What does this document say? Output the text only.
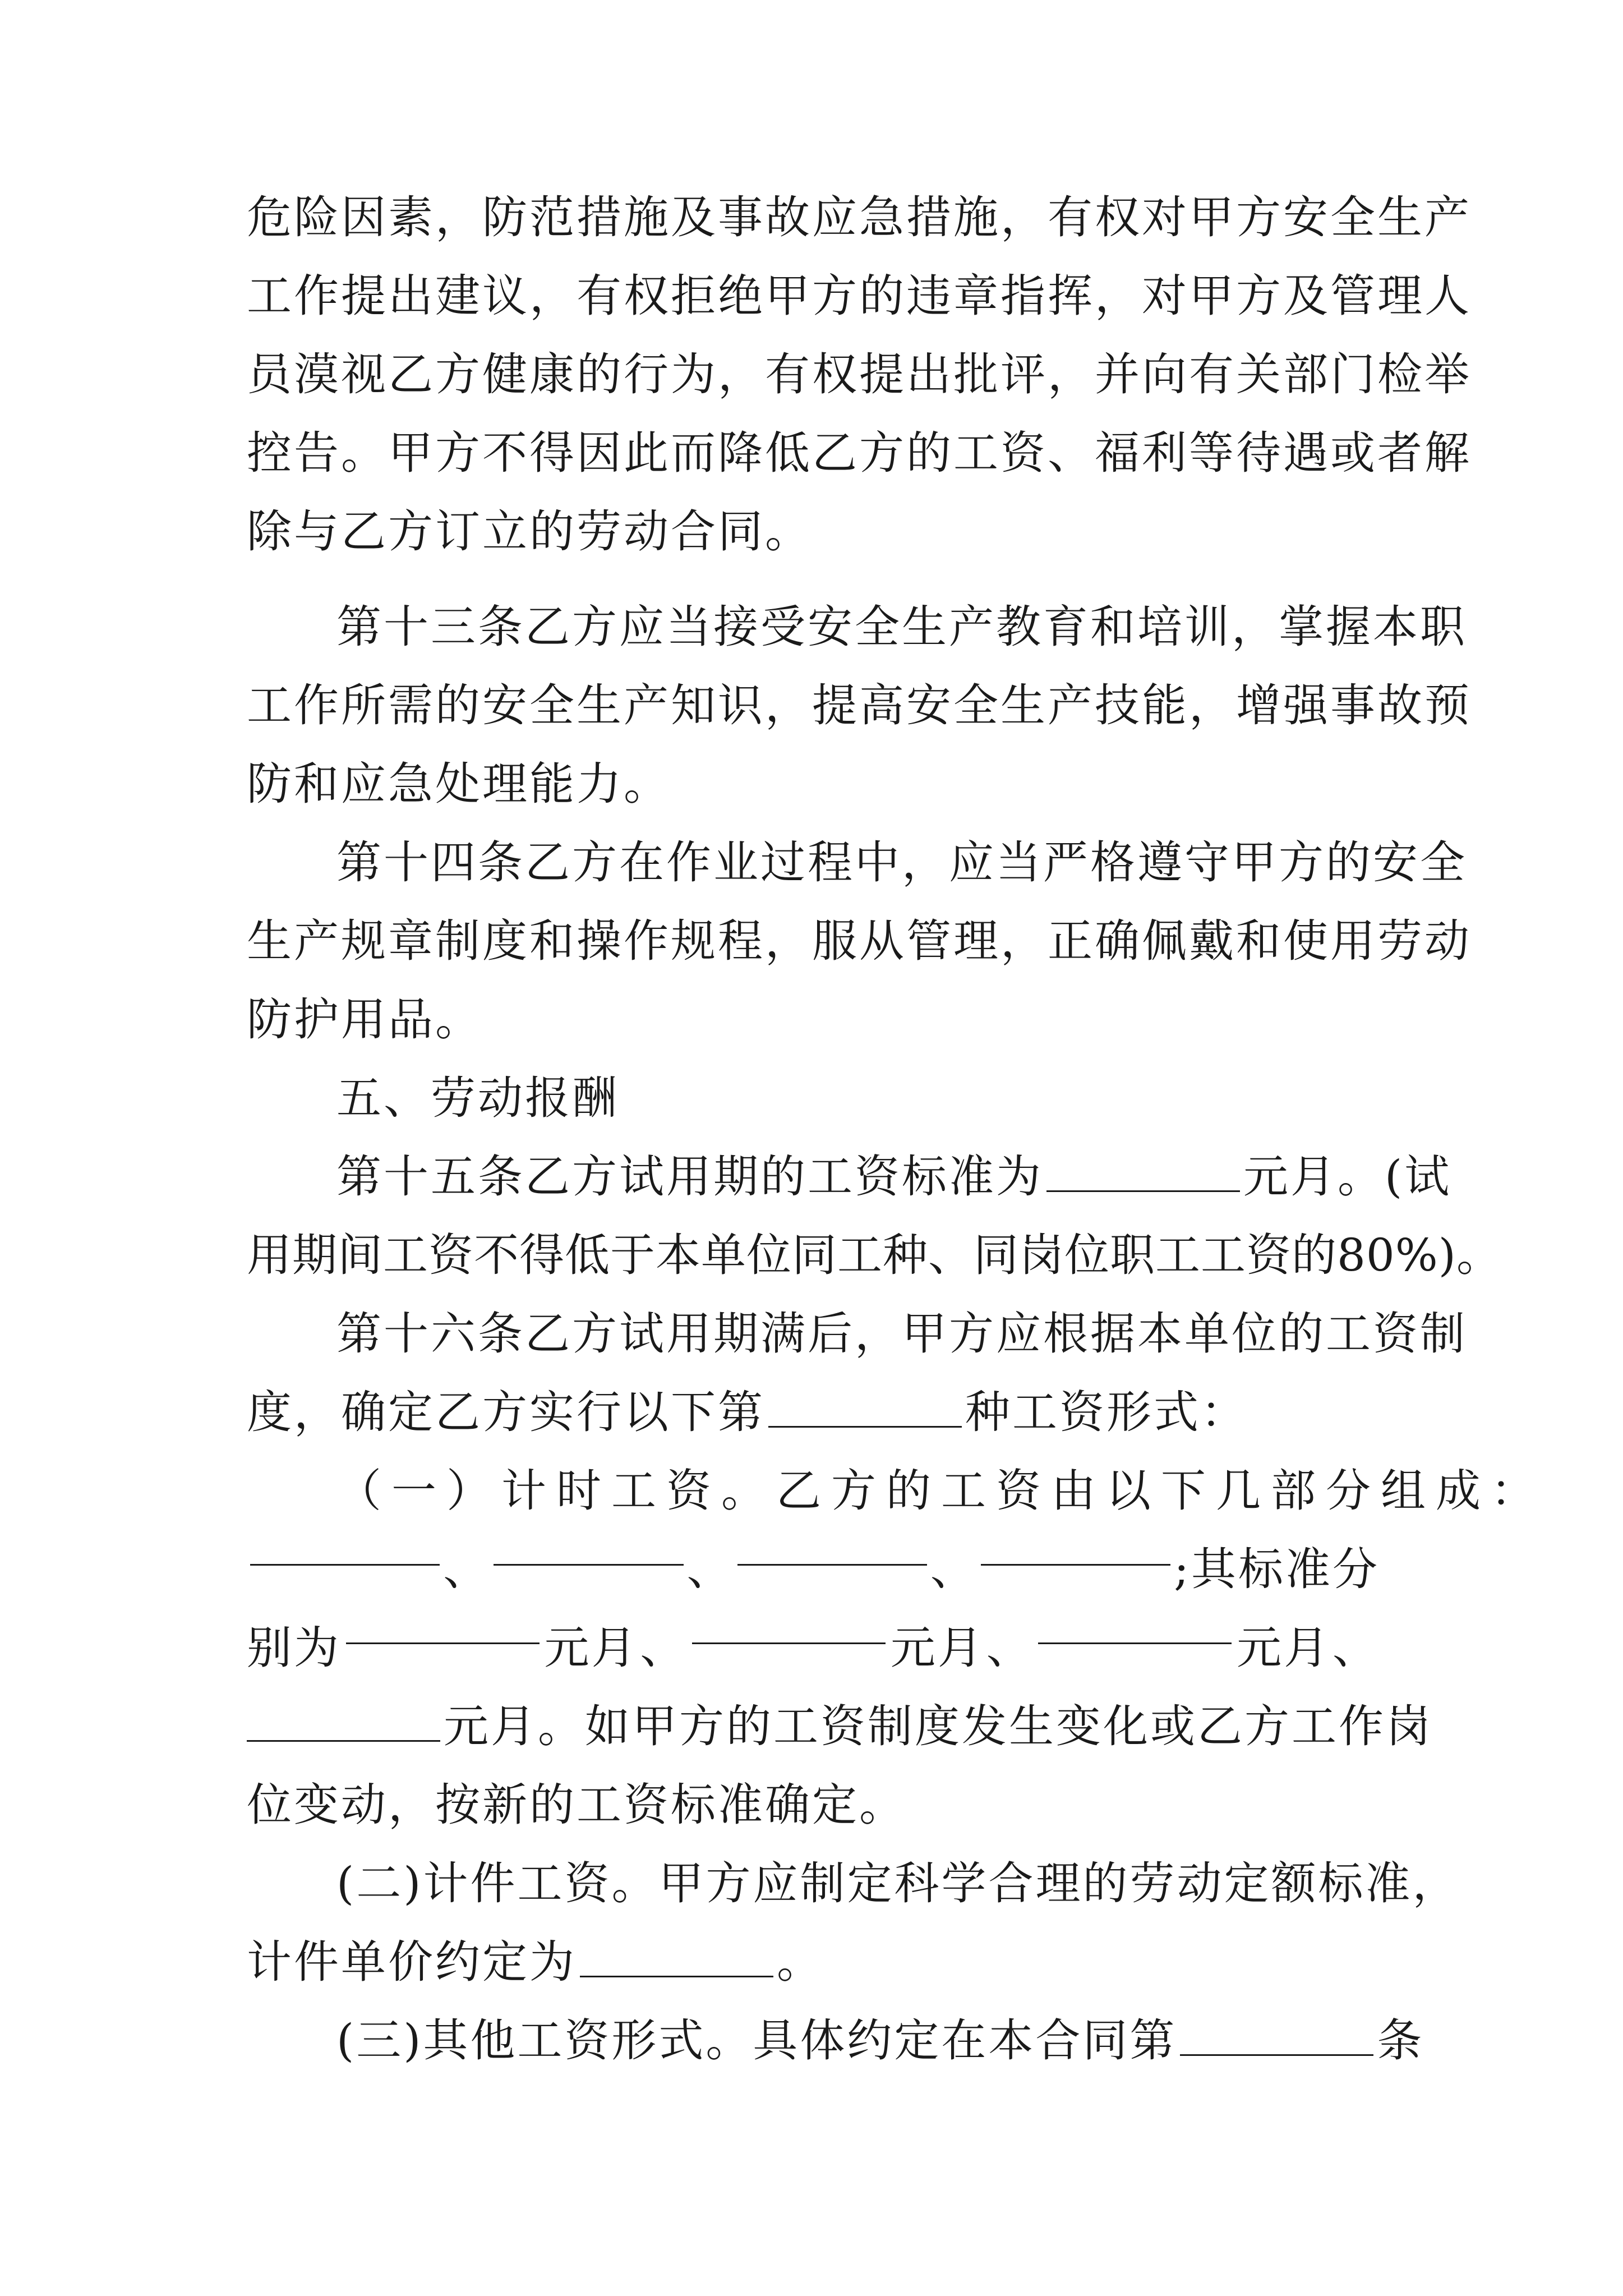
危 险 因 素 ， 防 范 措 施 及 事 故 应 急 措 施 ， 有 权 对 甲 方 安 全 生 产
工 作 提 出 建 议 ， 有 权 拒 绝 甲 方 的 违 章 指 挥 ， 对 甲 方 及 管 理 人
员 漠 视 乙 方 健 康 的 行 为 ， 有 权 提 出 批 评 ， 并 向 有 关 部 门 检 举
控 告 。 甲 方 不 得 因 此 而 降 低 乙 方 的 工 资 、 福 利 等 待 遇 或 者 解
除与乙方订立的劳动合同。
第 十 三 条 乙 方 应 当 接 受 安 全 生 产 教 育 和 培 训 ， 掌 握 本 职
工 作 所 需 的 安 全 生 产 知 识 ， 提 高 安 全 生 产 技 能 ， 增 强 事 故 预
防和应急处理能力。
第 十 四 条 乙 方 在 作 业 过 程 中 ， 应 当 严 格 遵 守 甲 方 的 安 全
生 产 规 章 制 度 和 操 作 规 程 ， 服 从 管 理 ， 正 确 佩 戴 和 使 用 劳 动
防护用品。
五、劳动报酬
第十五条乙方试用期的工资标准为	元月。(试
用期间工资不得低于本单位同工种、同岗位职工工资的80%)。
第 十 六 条 乙 方 试 用 期 满 后 ， 甲 方 应 根 据 本 单 位 的 工 资 制
度，确定乙方实行以下第	种工资形式：
（一）计时工资。乙方的工资由以下几部分组成：
、	、	、	;其标准分
别为	元月 、	元月 、	元月 、
元月。如甲方的工资制度发生变化或乙方工作岗
位变动，按新的工资标准确定。
( 二 ) 计 件 工 资 。 甲 方 应 制 定 科 学 合 理 的 劳 动 定 额 标 准 ，
计件单价约定为	。
(三)其他工资形式。具体约定在本合同第	条
